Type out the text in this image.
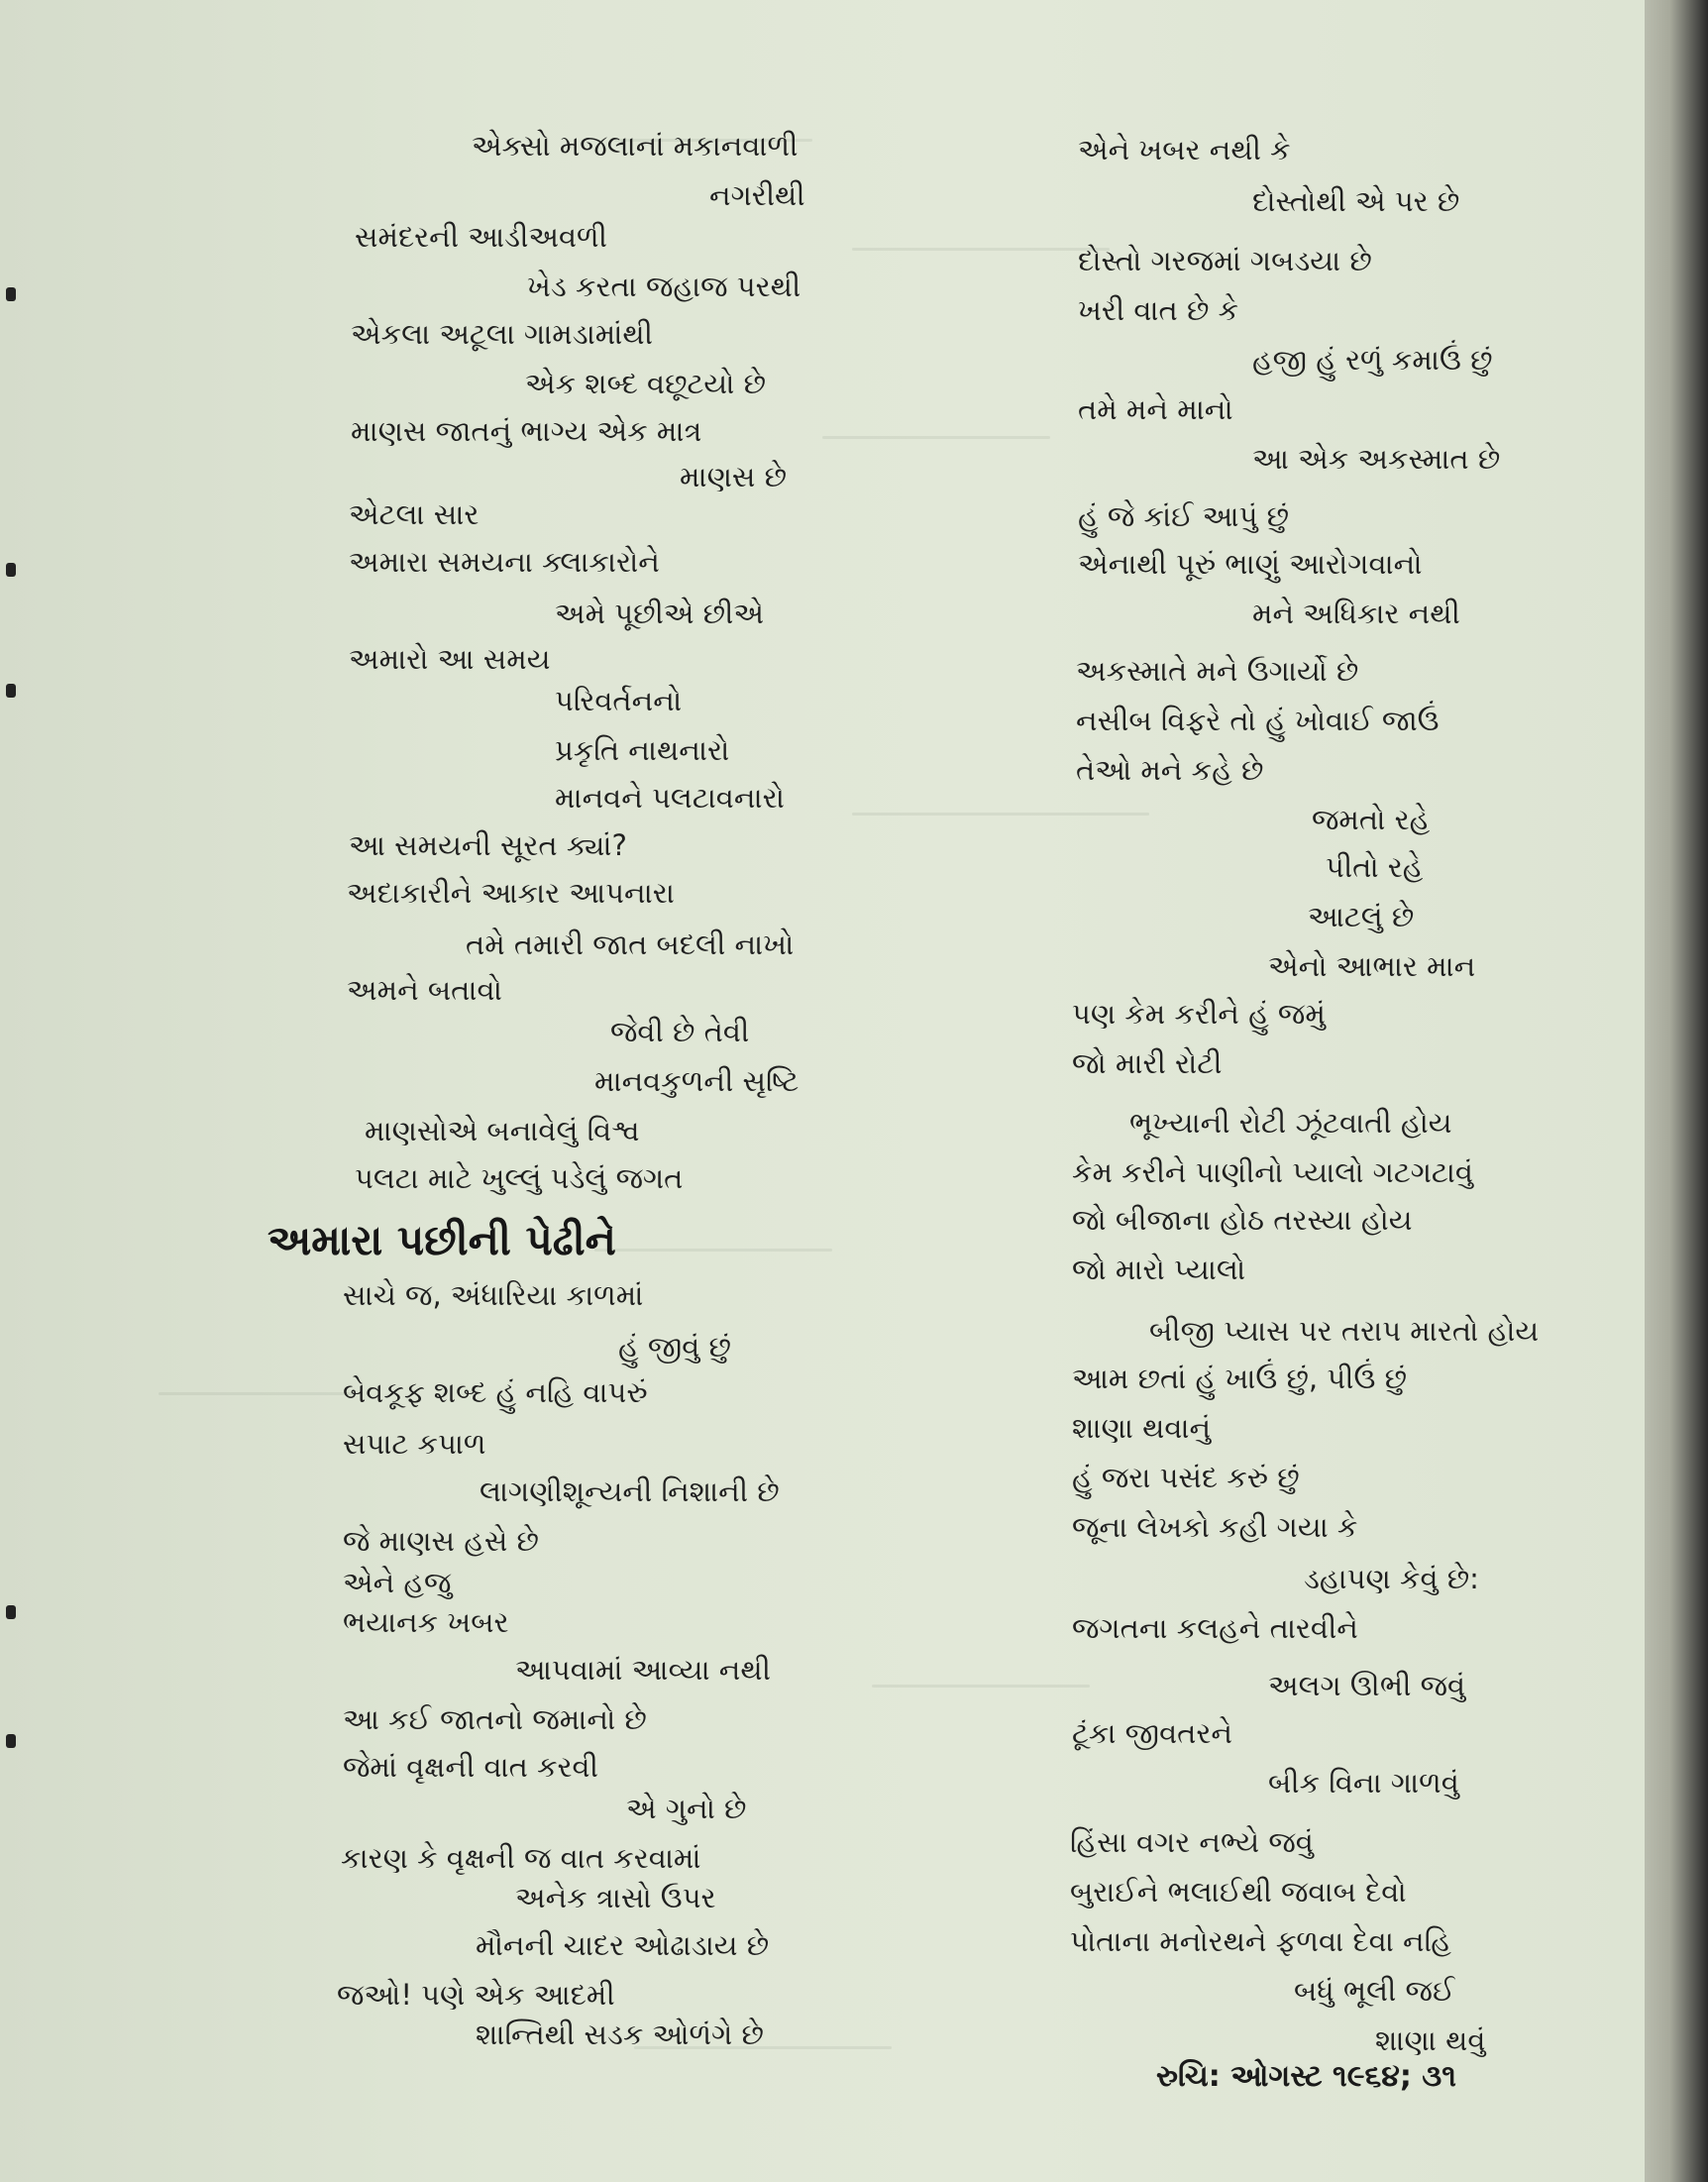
એક્સો મજલાનાં મકાનવાળી
નગરીથી
સમંદરની આડીઅવળી
ખેડ કરતા જહાજ પરથી
એકલા અટૂલા ગામડામાંથી
એક શબ્દ વછૂટયો છે
માણસ જાતનું ભાગ્ય એક માત્ર
માણસ છે
એટલા સાર
અમારા સમયના ક્લાકારોને
અમે પૂછીએ છીએ
અમારો આ સમય
પરિવર્તનનો
પ્રકૃતિ નાથનારો
માનવને પલટાવનારો
આ સમયની સૂરત ક્યાં?
અદાકારીને આકાર આપનારા
તમે તમારી જાત બદલી નાખો
અમને બતાવો
જેવી છે તેવી
માનવકુળની સૃષ્ટિ
માણસોએ બનાવેલું વિશ્વ
પલટા માટે ખુલ્લું પડેલું જગત
અમારા પછીની પેઢીને
સાચે જ, અંધારિયા કાળમાં
હું જીવું છું
બેવકૂફ શબ્દ હું નહિ વાપરું
સપાટ કપાળ
લાગણીશૂન્યની નિશાની છે
જે માણસ હસે છે
એને હજુ
ભયાનક ખબર
આપવામાં આવ્યા નથી
આ કઈ જાતનો જમાનો છે
જેમાં વૃક્ષની વાત કરવી
એ ગુનો છે
કારણ કે વૃક્ષની જ વાત કરવામાં
અનેક ત્રાસો ઉપર
મૌનની ચાદર ઓઢાડાય છે
જઓ! પણે એક આદમી
શાન્તિથી સડક ઓળંગે છે
એને ખબર નથી કે
દોસ્તોથી એ પર છે
દોસ્તો ગરજમાં ગબડયા છે
ખરી વાત છે કે
હજી હું રળું કમાઉં છું
તમે મને માનો
આ એક અકસ્માત છે
હું જે કાંઈ આપું છું
એનાથી પૂરું ભાણું આરોગવાનો
મને અધિકાર નથી
અકસ્માતે મને ઉગાર્યો છે
નસીબ વિફરે તો હું ખોવાઈ જાઉં
તેઓ મને કહે છે
જમતો રહે
પીતો રહે
આટલું છે
એનો આભાર માન
પણ કેમ કરીને હું જમું
જો મારી રોટી
ભૂખ્યાની રોટી ઝૂંટવાતી હોય
કેમ કરીને પાણીનો પ્યાલો ગટગટાવું
જો બીજાના હોઠ તરસ્યા હોય
જો મારો પ્યાલો
બીજી પ્યાસ પર તરાપ મારતો હોય
આમ છતાં હું ખાઉં છું, પીઉં છું
શાણા થવાનું
હું જરા પસંદ કરું છું
જૂના લેખકો કહી ગયા કે
ડહાપણ કેવું છે:
જગતના કલહને તારવીને
અલગ ઊભી જવું
ટૂંકા જીવતરને
બીક વિના ગાળવું
હિંસા વગર નભ્યે જવું
બુરાઈને ભલાઈથી જવાબ દેવો
પોતાના મનોરથને ફળવા દેવા નહિ
બધું ભૂલી જઈ
શાણા થવું
રુચિ: ઓગસ્ટ ૧૯૬૪; ૩૧
